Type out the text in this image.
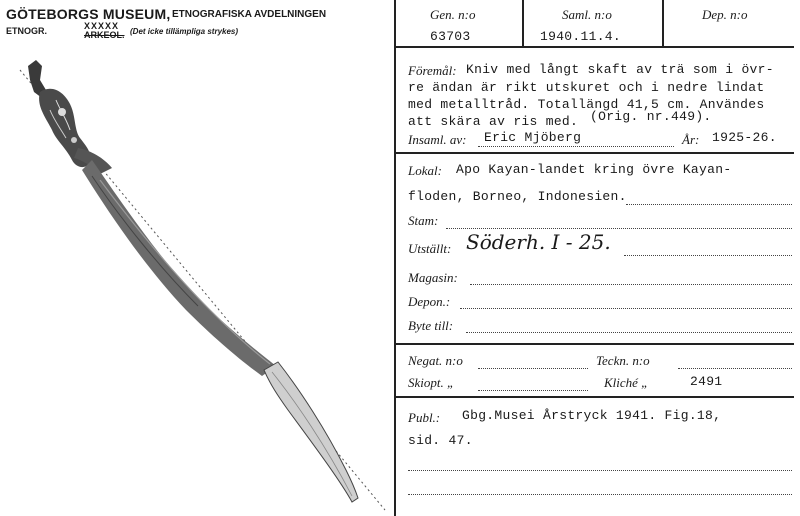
GÖTEBORGS MUSEUM, ETNOGRAFISKA AVDELNINGEN
ETNOGR.	XXXXX
ARKEOL. (Det icke tillämpliga strykes)
Gen. n:o
63703
Saml. n:o
1940.11.4.
Dep. n:o
Föremål: Kniv med långt skaft av trä som i övr-
re ändan är rikt utskuret och i nedre lindat
med metalltråd. Totallängd 41,5 cm. Användes
att skära av ris med. (Orig. nr.449).
Insaml. av: Eric Mjöberg	År: 1925-26.
Lokal: Apo Kayan-landet kring övre Kayan-
floden, Borneo, Indonesien.
Stam:
Utställt: Söderh. I - 25.
Magasin:
Depon.:
Byte till:
Negat. n:o	Teckn. n:o
Skiopt. „	Kliché „	2491
Publ.: Gbg.Musei Årstryck 1941. Fig.18,
sid. 47.
